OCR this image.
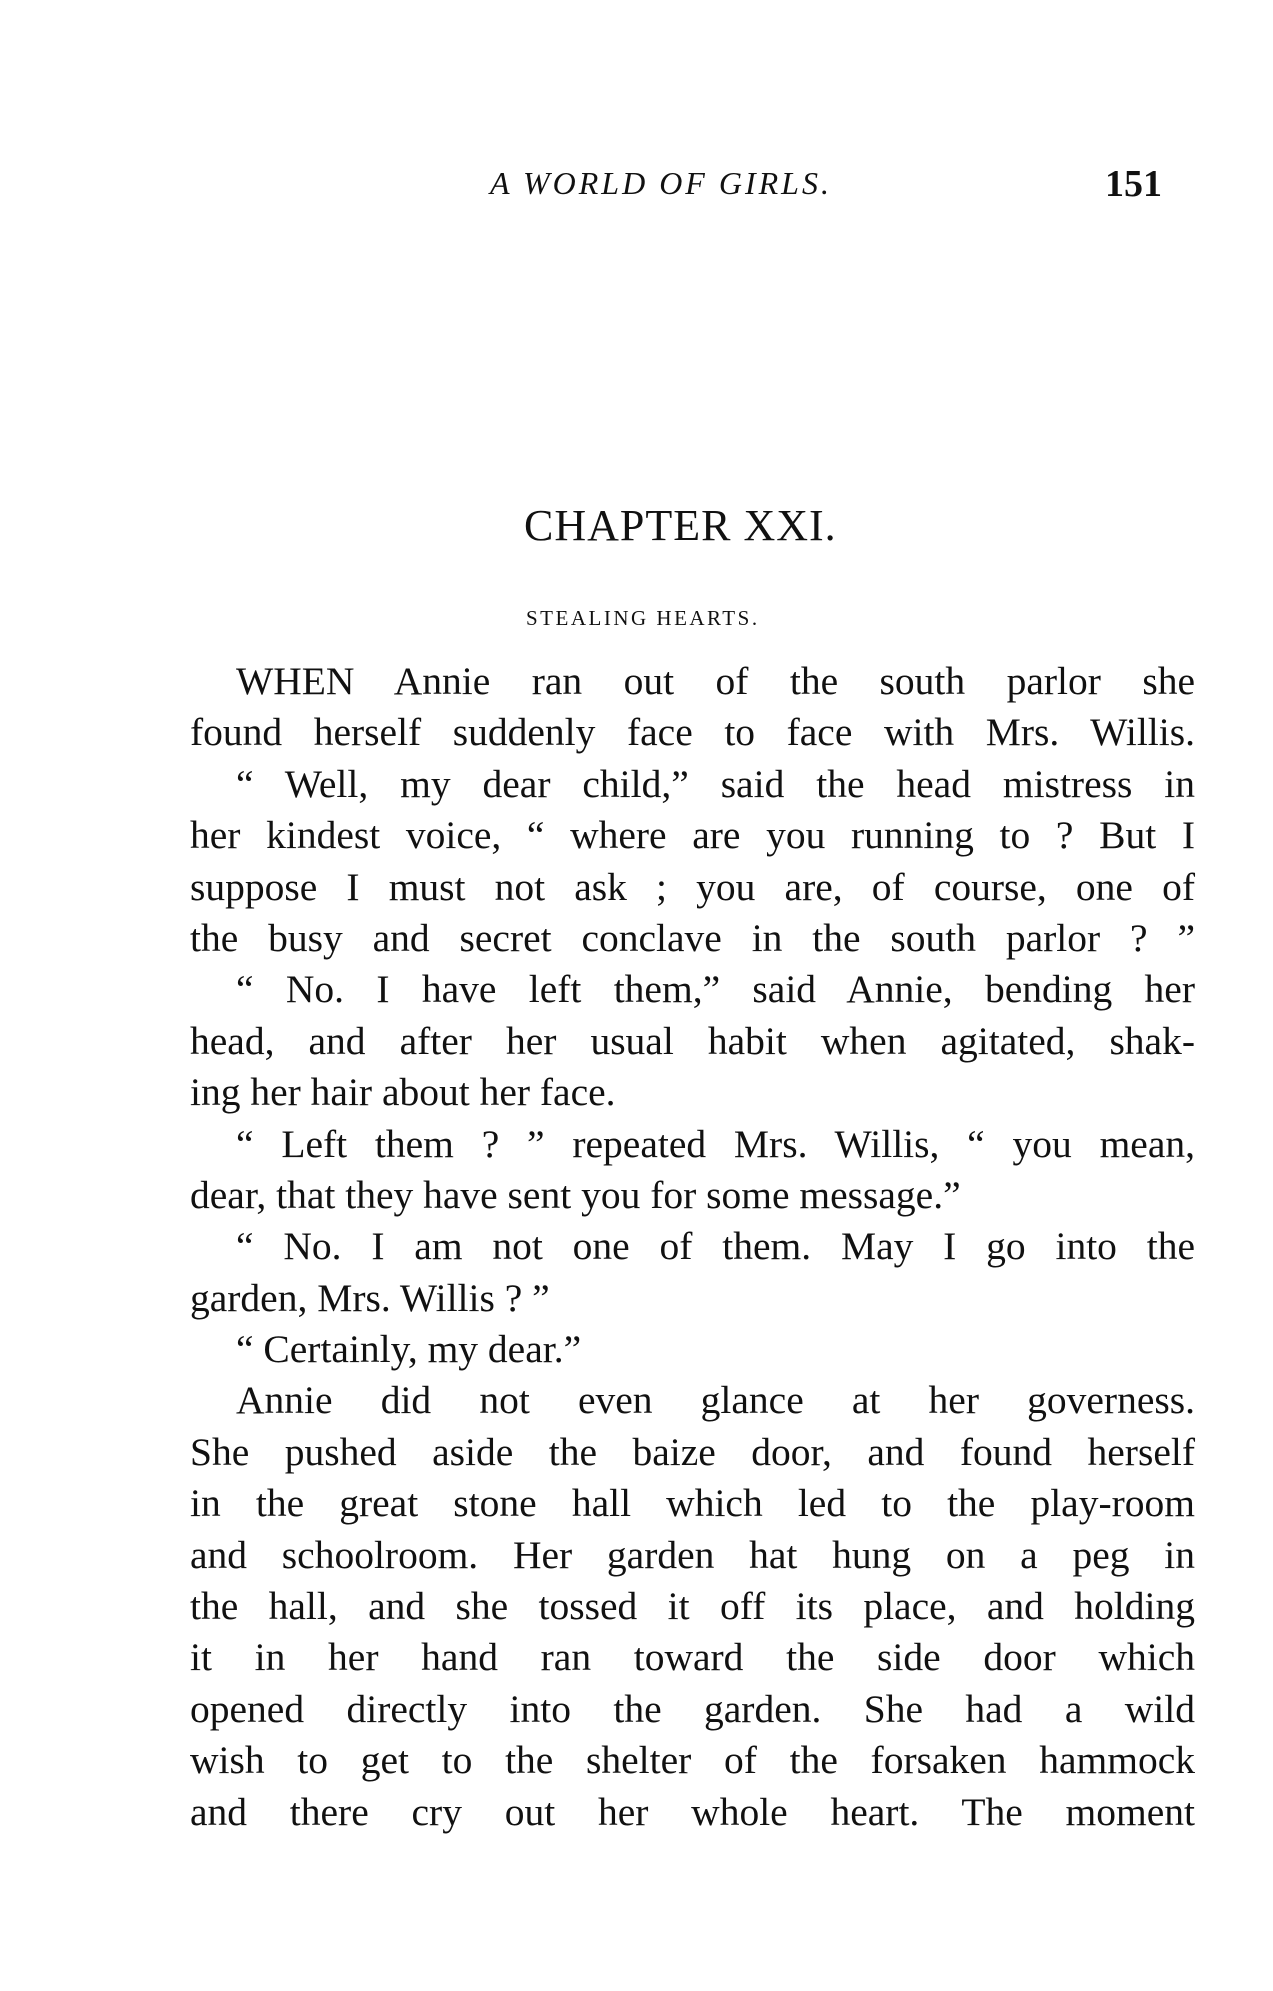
A WORLD OF GIRLS.	151
CHAPTER XXI.
STEALING HEARTS.
WHEN Annie ran out of the south parlor she
found herself suddenly face to face with Mrs. Willis.
“ Well, my dear child,” said the head mistress in
her kindest voice, “ where are you running to ? But I
suppose I must not ask ; you are, of course, one of
the busy and secret conclave in the south parlor ? ”
“ No. I have left them,” said Annie, bending her
head, and after her usual habit when agitated, shak-
ing her hair about her face.
“ Left them ? ” repeated Mrs. Willis, “ you mean,
dear, that they have sent you for some message.”
“ No. I am not one of them. May I go into the
garden, Mrs. Willis ? ”
“ Certainly, my dear.”
Annie did not even glance at her governess.
She pushed aside the baize door, and found herself
in the great stone hall which led to the play-room
and schoolroom. Her garden hat hung on a peg in
the hall, and she tossed it off its place, and holding
it in her hand ran toward the side door which
opened directly into the garden. She had a wild
wish to get to the shelter of the forsaken hammock
and there cry out her whole heart. The moment
